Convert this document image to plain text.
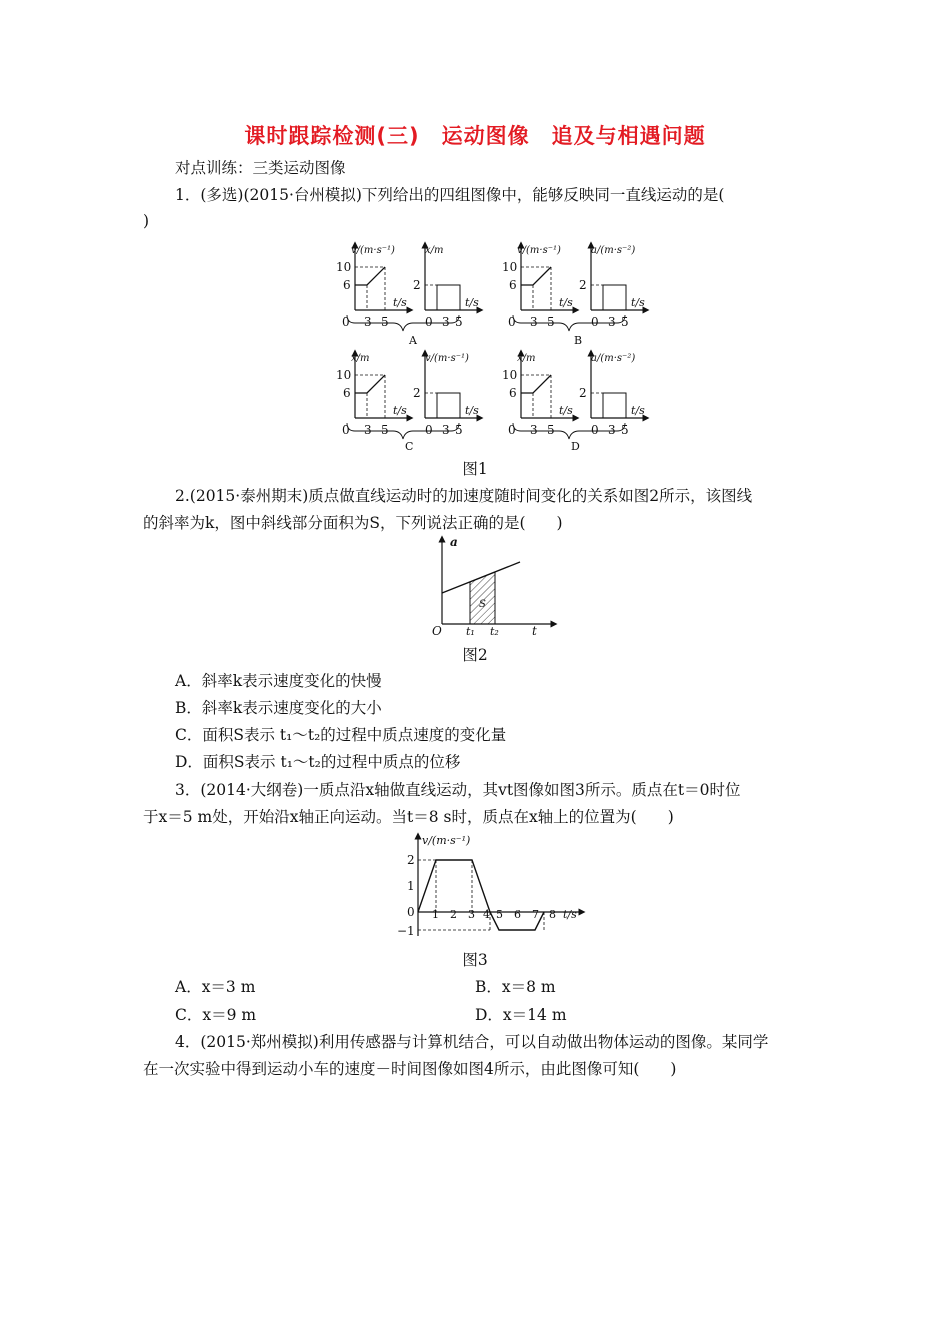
课时跟踪检测(三)　运动图像　追及与相遇问题
对点训练：三类运动图像
1．(多选)(2015·台州模拟)下列给出的四组图像中，能够反映同一直线运动的是(
)
10
6
0 3 5
t/s
v/(m·s⁻¹)
2
0 3 5
t/s
x/m
A
10
6
0 3 5
t/s
v/(m·s⁻¹)
2
0 3 5
t/s
a/(m·s⁻²)
B
10
6
0 3 5
t/s
x/m
2
0 3 5
t/s
v/(m·s⁻¹)
C
10
6
0 3 5
t/s
x/m
2
0 3 5
t/s
a/(m·s⁻²)
D
图1
2.(2015·泰州期末)质点做直线运动时的加速度随时间变化的关系如图2所示，该图线
的斜率为k，图中斜线部分面积为S，下列说法正确的是(　　)
a
O t₁ t₂	t
S
图2
A．斜率k表示速度变化的快慢
B．斜率k表示速度变化的大小
C．面积S表示 t₁～t₂的过程中质点速度的变化量
D．面积S表示 t₁～t₂的过程中质点的位移
3．(2014·大纲卷)一质点沿x轴做直线运动，其vt图像如图3所示。质点在t＝0时位
于x＝5 m处，开始沿x轴正向运动。当t＝8 s时，质点在x轴上的位置为(　　)
v/(m·s⁻¹)
2
1
0
−1
1 2 3 4 5 6 7 8 t/s
图3
A．x＝3 m	B．x＝8 m
C．x＝9 m	D．x＝14 m
4．(2015·郑州模拟)利用传感器与计算机结合，可以自动做出物体运动的图像。某同学
在一次实验中得到运动小车的速度－时间图像如图4所示，由此图像可知(　　)
